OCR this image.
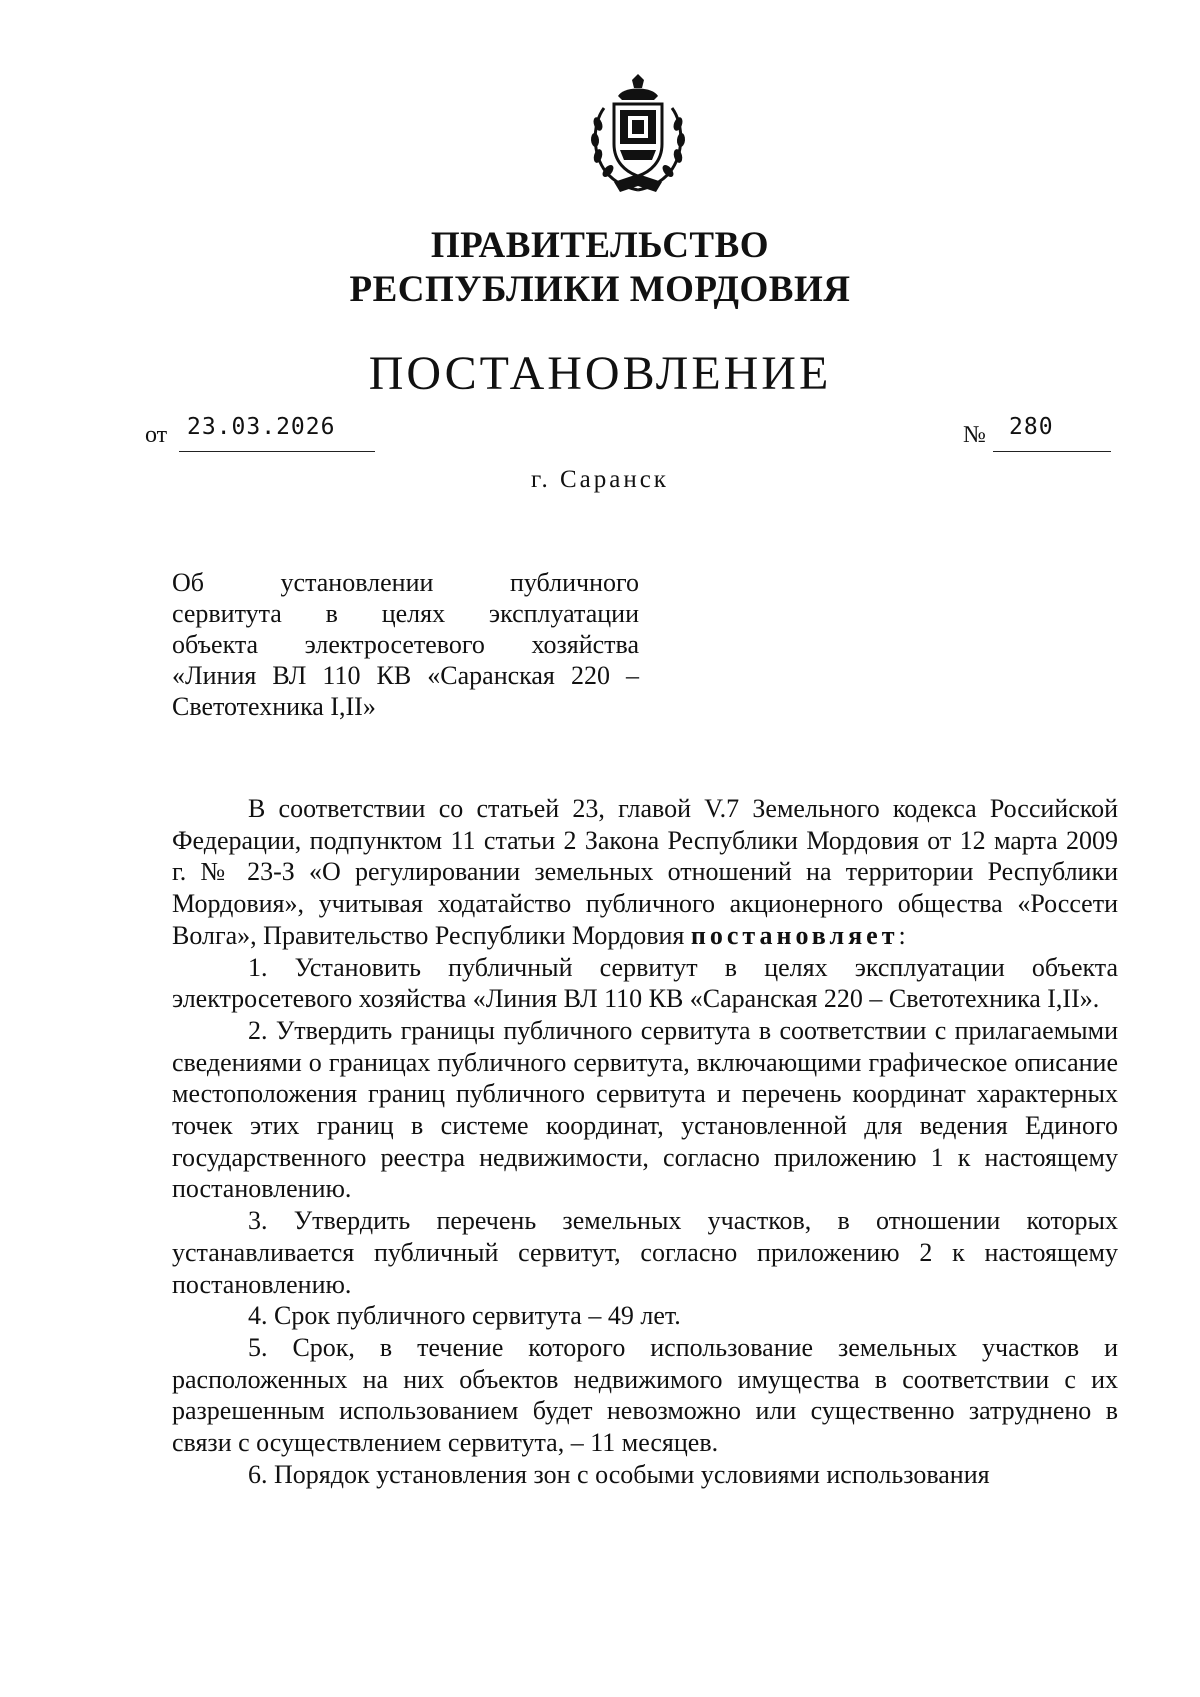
ПРАВИТЕЛЬСТВО
РЕСПУБЛИКИ МОРДОВИЯ
ПОСТАНОВЛЕНИЕ
от 23.03.2026	№ 280
г. Саранск
Об установлении публичного
сервитута в целях эксплуатации
объекта электросетевого хозяйства
«Линия ВЛ 110 КВ «Саранская 220 –
Светотехника I,II»

В соответствии со статьей 23, главой V.7 Земельного кодекса Российской Федерации, подпунктом 11 статьи 2 Закона Республики Мордовия от 12 марта 2009 г. № 23-З «О регулировании земельных отношений на территории Республики Мордовия», учитывая ходатайство публичного акционерного общества «Россети Волга», Правительство Республики Мордовия постановляет:

1. Установить публичный сервитут в целях эксплуатации объекта электросетевого хозяйства «Линия ВЛ 110 КВ «Саранская 220 – Светотехника I,II».

2. Утвердить границы публичного сервитута в соответствии с прилагаемыми сведениями о границах публичного сервитута, включающими графическое описание местоположения границ публичного сервитута и перечень координат характерных точек этих границ в системе координат, установленной для ведения Единого государственного реестра недвижимости, согласно приложению 1 к настоящему постановлению.

3. Утвердить перечень земельных участков, в отношении которых устанавливается публичный сервитут, согласно приложению 2 к настоящему постановлению.

4. Срок публичного сервитута – 49 лет.

5. Срок, в течение которого использование земельных участков и расположенных на них объектов недвижимого имущества в соответствии с их разрешенным использованием будет невозможно или существенно затруднено в связи с осуществлением сервитута, – 11 месяцев.

6. Порядок установления зон с особыми условиями использования
